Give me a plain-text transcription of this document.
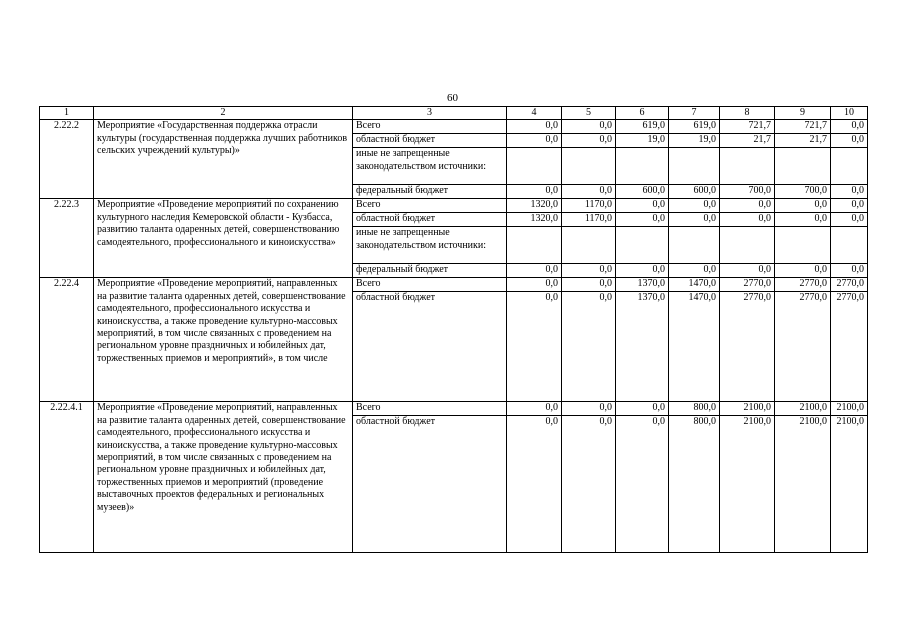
60
1	2	3	4	5	6	7	8	9	10
2.22.2	Мероприятие «Государственная поддержка отрасли культуры (государственная поддержка лучших работников сельских учреждений культуры)»	Всего	0,0	0,0	619,0	619,0	721,7	721,7	0,0
		областной бюджет	0,0	0,0	19,0	19,0	21,7	21,7	0,0
		иные не запрещенные законодательством источники:							
		федеральный бюджет	0,0	0,0	600,0	600,0	700,0	700,0	0,0
2.22.3	Мероприятие «Проведение мероприятий по сохранению культурного наследия Кемеровской области - Кузбасса, развитию таланта одаренных детей, совершенствованию самодеятельного, профессионального и киноискусства»	Всего	1320,0	1170,0	0,0	0,0	0,0	0,0	0,0
		областной бюджет	1320,0	1170,0	0,0	0,0	0,0	0,0	0,0
		иные не запрещенные законодательством источники:							
		федеральный бюджет	0,0	0,0	0,0	0,0	0,0	0,0	0,0
2.22.4	Мероприятие «Проведение мероприятий, направленных на развитие таланта одаренных детей, совершенствование самодеятельного, профессионального искусства и киноискусства, а также проведение культурно-массовых мероприятий, в том числе связанных с проведением на региональном уровне праздничных и юбилейных дат, торжественных приемов и мероприятий», в том числе	Всего	0,0	0,0	1370,0	1470,0	2770,0	2770,0	2770,0
		областной бюджет	0,0	0,0	1370,0	1470,0	2770,0	2770,0	2770,0
2.22.4.1	Мероприятие «Проведение мероприятий, направленных на развитие таланта одаренных детей, совершенствование самодеятельного, профессионального искусства и киноискусства, а также проведение культурно-массовых мероприятий, в том числе связанных с проведением на региональном уровне праздничных и юбилейных дат, торжественных приемов и мероприятий (проведение выставочных проектов федеральных и региональных музеев)»	Всего	0,0	0,0	0,0	800,0	2100,0	2100,0	2100,0
		областной бюджет	0,0	0,0	0,0	800,0	2100,0	2100,0	2100,0
